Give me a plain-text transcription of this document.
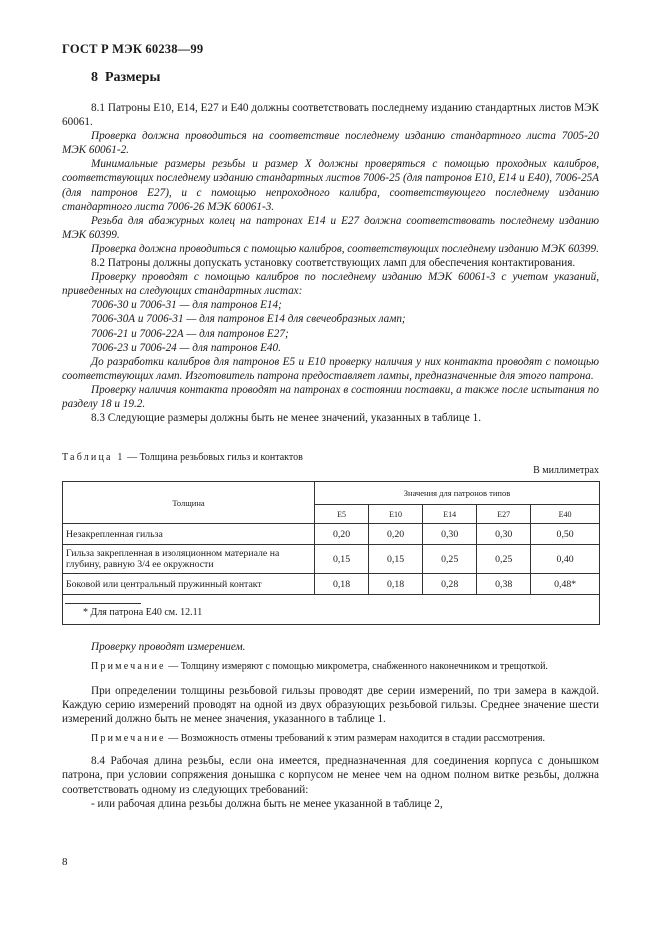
ГОСТ Р МЭК 60238—99
8 Размеры

8.1 Патроны Е10, Е14, Е27 и Е40 должны соответствовать последнему изданию стандартных листов МЭК 60061.

Проверка должна проводиться на соответствие последнему изданию стандартного листа 7005-20 МЭК 60061-2.

Минимальные размеры резьбы и размер X должны проверяться с помощью проходных калибров, соответствующих последнему изданию стандартных листов 7006-25 (для патронов Е10, Е14 и Е40), 7006-25А (для патронов Е27), и с помощью непроходного калибра, соответствующего последнему изданию стандартного листа 7006-26 МЭК 60061-3.

Резьба для абажурных колец на патронах Е14 и Е27 должна соответствовать последнему изданию МЭК 60399.

Проверка должна проводиться с помощью калибров, соответствующих последнему изданию МЭК 60399.

8.2 Патроны должны допускать установку соответствующих ламп для обеспечения контактирования.

Проверку проводят с помощью калибров по последнему изданию МЭК 60061-3 с учетом указаний, приведенных на следующих стандартных листах:

7006-30 и 7006-31 — для патронов Е14;

7006-30А и 7006-31 — для патронов Е14 для свечеобразных ламп;

7006-21 и 7006-22А — для патронов Е27;

7006-23 и 7006-24 — для патронов Е40.

До разработки калибров для патронов Е5 и Е10 проверку наличия у них контакта проводят с помощью соответствующих ламп. Изготовитель патрона предоставляет лампы, предназначенные для этого патрона.

Проверку наличия контакта проводят на патронах в состоянии поставки, а также после испытания по разделу 18 и 19.2.

8.3 Следующие размеры должны быть не менее значений, указанных в таблице 1.

Таблица 1 — Толщина резьбовых гильз и контактов
В миллиметрах
Толщина	Значения для патронов типов				
	Е5	Е10	Е14	Е27	Е40
Незакрепленная гильза	0,20	0,20	0,30	0,30	0,50
Гильза закрепленная в изоляционном материале на глубину, равную 3/4 ее окружности	0,15	0,15	0,25	0,25	0,40
Боковой или центральный пружинный контакт	0,18	0,18	0,28	0,38	0,48*

* Для патрона Е40 см. 12.11					

Проверку проводят измерением.

Примечание — Толщину измеряют с помощью микрометра, снабженного наконечником и трещоткой.

При определении толщины резьбовой гильзы проводят две серии измерений, по три замера в каждой. Каждую серию измерений проводят на одной из двух образующих резьбовой гильзы. Среднее значение шести измерений должно быть не менее значения, указанного в таблице 1.

Примечание — Возможность отмены требований к этим размерам находится в стадии рассмотрения.

8.4 Рабочая длина резьбы, если она имеется, предназначенная для соединения корпуса с донышком патрона, при условии сопряжения донышка с корпусом не менее чем на одном полном витке резьбы, должна соответствовать одному из следующих требований:

- или рабочая длина резьбы должна быть не менее указанной в таблице 2,

8
